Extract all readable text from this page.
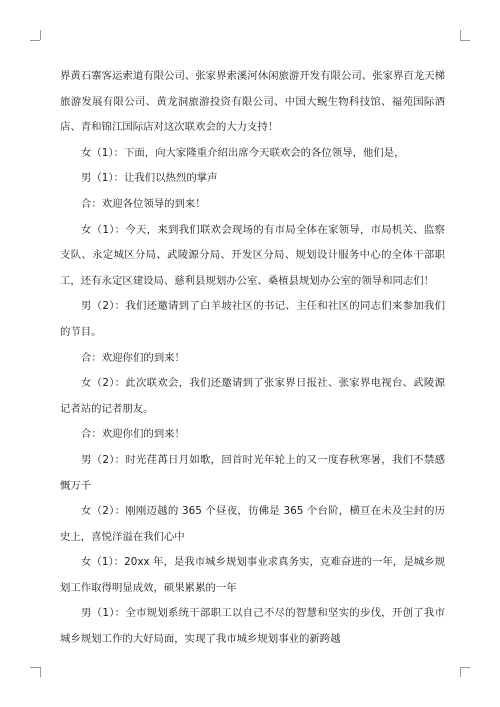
界黄石寨客运索道有限公司、张家界索溪河休闲旅游开发有限公司、张家界百龙天梯旅游发展有限公司、黄龙洞旅游投资有限公司、中国大鲵生物科技馆、福苑国际酒店、青和锦江国际店对这次联欢会的大力支持！

女（1）：下面，向大家隆重介绍出席今天联欢会的各位领导，他们是，

男（1）：让我们以热烈的掌声

合：欢迎各位领导的到来！

女（1）：今天，来到我们联欢会现场的有市局全体在家领导，市局机关、监察支队、永定城区分局、武陵源分局、开发区分局、规划设计服务中心的全体干部职工，还有永定区建设局、慈利县规划办公室、桑植县规划办公室的领导和同志们！

男（2）：我们还邀请到了白羊坡社区的书记、主任和社区的同志们来参加我们的节目。

合：欢迎你们的到来！

女（2）：此次联欢会，我们还邀请到了张家界日报社、张家界电视台、武陵源记者站的记者朋友。

合：欢迎你们的到来！

男（2）：时光荏苒日月如歌，回首时光年轮上的又一度春秋寒暑，我们不禁感慨万千

女（2）：刚刚迈越的 365 个昼夜，彷佛是 365 个台阶，横亘在未及尘封的历史上，喜悦洋溢在我们心中

女（1）：20xx 年，是我市城乡规划事业求真务实，克难奋进的一年，是城乡规划工作取得明显成效，硕果累累的一年

男（1）：全市规划系统干部职工以自己不尽的智慧和坚实的步伐，开创了我市城乡规划工作的大好局面，实现了我市城乡规划事业的新跨越
